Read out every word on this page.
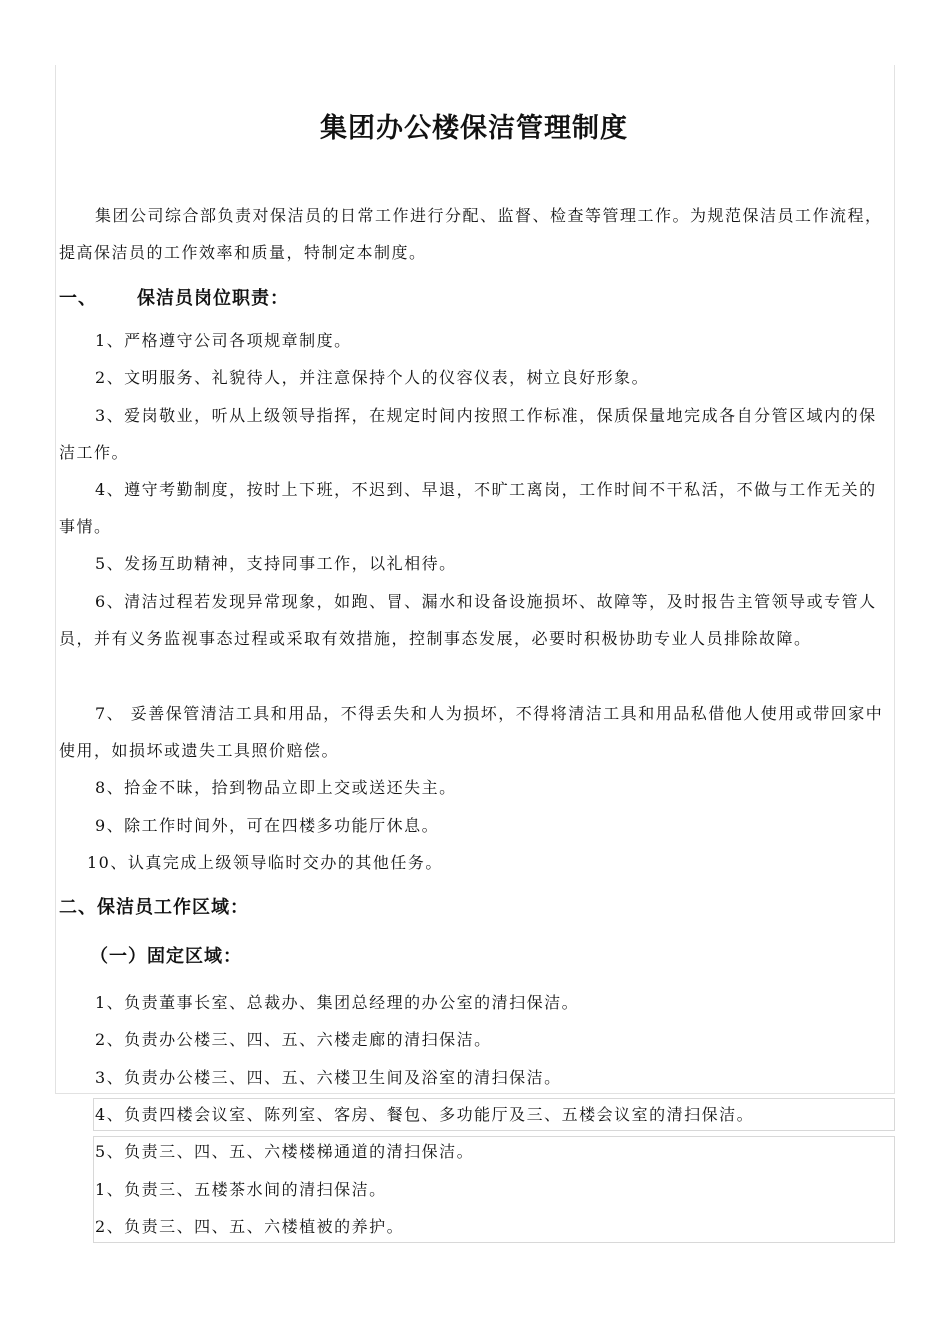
集团办公楼保洁管理制度

集团公司综合部负责对保洁员的日常工作进行分配、监督、检查等管理工作。为规范保洁员工作流程，提高保洁员的工作效率和质量，特制定本制度。

一、 保洁员岗位职责：

1、严格遵守公司各项规章制度。

2、文明服务、礼貌待人，并注意保持个人的仪容仪表，树立良好形象。

3、爱岗敬业，听从上级领导指挥，在规定时间内按照工作标准，保质保量地完成各自分管区域内的保洁工作。

4、遵守考勤制度，按时上下班，不迟到、早退，不旷工离岗，工作时间不干私活，不做与工作无关的事情。

5、发扬互助精神，支持同事工作，以礼相待。

6、清洁过程若发现异常现象，如跑、冒、漏水和设备设施损坏、故障等，及时报告主管领导或专管人员，并有义务监视事态过程或采取有效措施，控制事态发展，必要时积极协助专业人员排除故障。

7、 妥善保管清洁工具和用品，不得丢失和人为损坏，不得将清洁工具和用品私借他人使用或带回家中使用，如损坏或遗失工具照价赔偿。

8、拾金不昧，拾到物品立即上交或送还失主。

9、除工作时间外，可在四楼多功能厅休息。

10、认真完成上级领导临时交办的其他任务。

二、保洁员工作区域：
（一）固定区域：

1、负责董事长室、总裁办、集团总经理的办公室的清扫保洁。

2、负责办公楼三、四、五、六楼走廊的清扫保洁。

3、负责办公楼三、四、五、六楼卫生间及浴室的清扫保洁。

4、负责四楼会议室、陈列室、客房、餐包、多功能厅及三、五楼会议室的清扫保洁。

5、负责三、四、五、六楼楼梯通道的清扫保洁。

1、负责三、五楼茶水间的清扫保洁。

2、负责三、四、五、六楼植被的养护。
